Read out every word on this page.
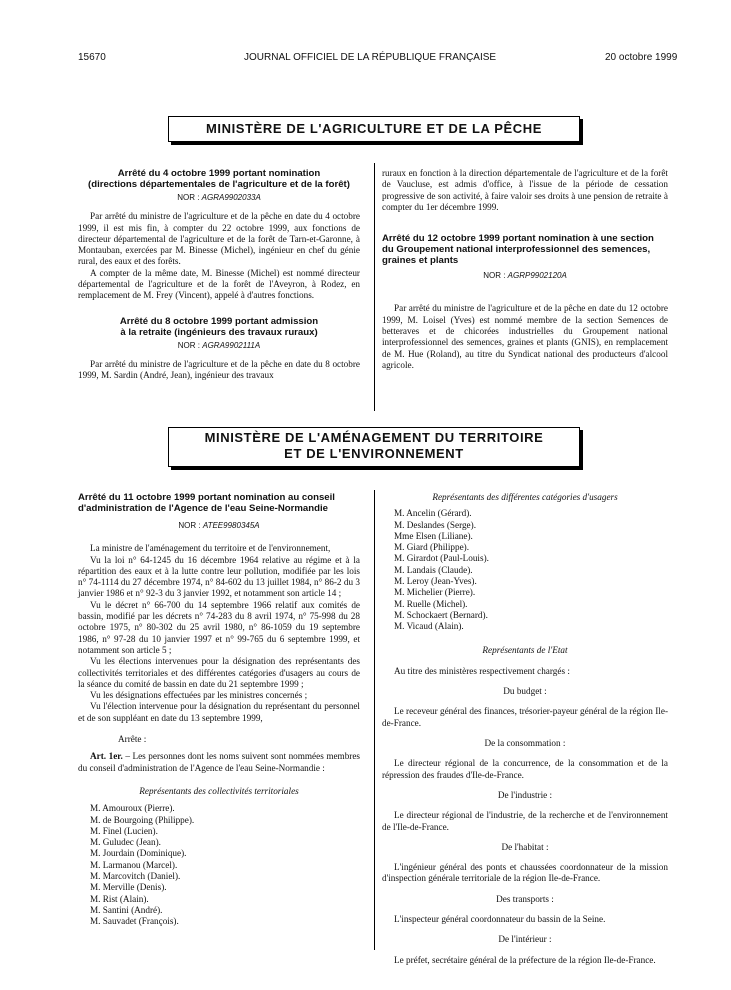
15670	JOURNAL OFFICIEL DE LA RÉPUBLIQUE FRANÇAISE	20 octobre 1999
MINISTÈRE DE L'AGRICULTURE ET DE LA PÊCHE
Arrêté du 4 octobre 1999 portant nomination
(directions départementales de l'agriculture et de la forêt)
NOR : AGRA9902033A

Par arrêté du ministre de l'agriculture et de la pêche en date du 4 octobre 1999, il est mis fin, à compter du 22 octobre 1999, aux fonctions de directeur départemental de l'agriculture et de la forêt de Tarn-et-Garonne, à Montauban, exercées par M. Binesse (Michel), ingénieur en chef du génie rural, des eaux et des forêts.

A compter de la même date, M. Binesse (Michel) est nommé directeur départemental de l'agriculture et de la forêt de l'Aveyron, à Rodez, en remplacement de M. Frey (Vincent), appelé à d'autres fonctions.

Arrêté du 8 octobre 1999 portant admission
à la retraite (ingénieurs des travaux ruraux)
NOR : AGRA9902111A

Par arrêté du ministre de l'agriculture et de la pêche en date du 8 octobre 1999, M. Sardin (André, Jean), ingénieur des travaux

ruraux en fonction à la direction départementale de l'agriculture et de la forêt de Vaucluse, est admis d'office, à l'issue de la période de cessation progressive de son activité, à faire valoir ses droits à une pension de retraite à compter du 1er décembre 1999.

Arrêté du 12 octobre 1999 portant nomination à une section du Groupement national interprofessionnel des semences, graines et plants
NOR : AGRP9902120A

Par arrêté du ministre de l'agriculture et de la pêche en date du 12 octobre 1999, M. Loisel (Yves) est nommé membre de la section Semences de betteraves et de chicorées industrielles du Groupement national interprofessionnel des semences, graines et plants (GNIS), en remplacement de M. Hue (Roland), au titre du Syndicat national des producteurs d'alcool agricole.

MINISTÈRE DE L'AMÉNAGEMENT DU TERRITOIRE
ET DE L'ENVIRONNEMENT
Arrêté du 11 octobre 1999 portant nomination au conseil d'administration de l'Agence de l'eau Seine-Normandie
NOR : ATEE9980345A

La ministre de l'aménagement du territoire et de l'environnement,

Vu la loi n° 64-1245 du 16 décembre 1964 relative au régime et à la répartition des eaux et à la lutte contre leur pollution, modifiée par les lois n° 74-1114 du 27 décembre 1974, n° 84-602 du 13 juillet 1984, n° 86-2 du 3 janvier 1986 et n° 92-3 du 3 janvier 1992, et notamment son article 14 ;

Vu le décret n° 66-700 du 14 septembre 1966 relatif aux comités de bassin, modifié par les décrets n° 74-283 du 8 avril 1974, n° 75-998 du 28 octobre 1975, n° 80-302 du 25 avril 1980, n° 86-1059 du 19 septembre 1986, n° 97-28 du 10 janvier 1997 et n° 99-765 du 6 septembre 1999, et notamment son article 5 ;

Vu les élections intervenues pour la désignation des représentants des collectivités territoriales et des différentes catégories d'usagers au cours de la séance du comité de bassin en date du 21 septembre 1999 ;

Vu les désignations effectuées par les ministres concernés ;

Vu l'élection intervenue pour la désignation du représentant du personnel et de son suppléant en date du 13 septembre 1999,

Arrête :

Art. 1er. – Les personnes dont les noms suivent sont nommées membres du conseil d'administration de l'Agence de l'eau Seine-Normandie :

Représentants des collectivités territoriales
M. Amouroux (Pierre).
M. de Bourgoing (Philippe).
M. Finel (Lucien).
M. Guludec (Jean).
M. Jourdain (Dominique).
M. Larmanou (Marcel).
M. Marcovitch (Daniel).
M. Merville (Denis).
M. Rist (Alain).
M. Santini (André).
M. Sauvadet (François).
Représentants des différentes catégories d'usagers
M. Ancelin (Gérard).
M. Deslandes (Serge).
Mme Elsen (Liliane).
M. Giard (Philippe).
M. Girardot (Paul-Louis).
M. Landais (Claude).
M. Leroy (Jean-Yves).
M. Michelier (Pierre).
M. Ruelle (Michel).
M. Schockaert (Bernard).
M. Vicaud (Alain).
Représentants de l'Etat

Au titre des ministères respectivement chargés :

Du budget :

Le receveur général des finances, trésorier-payeur général de la région Ile-de-France.

De la consommation :

Le directeur régional de la concurrence, de la consommation et de la répression des fraudes d'Ile-de-France.

De l'industrie :

Le directeur régional de l'industrie, de la recherche et de l'environnement de l'Ile-de-France.

De l'habitat :

L'ingénieur général des ponts et chaussées coordonnateur de la mission d'inspection générale territoriale de la région Ile-de-France.

Des transports :

L'inspecteur général coordonnateur du bassin de la Seine.

De l'intérieur :

Le préfet, secrétaire général de la préfecture de la région Ile-de-France.
